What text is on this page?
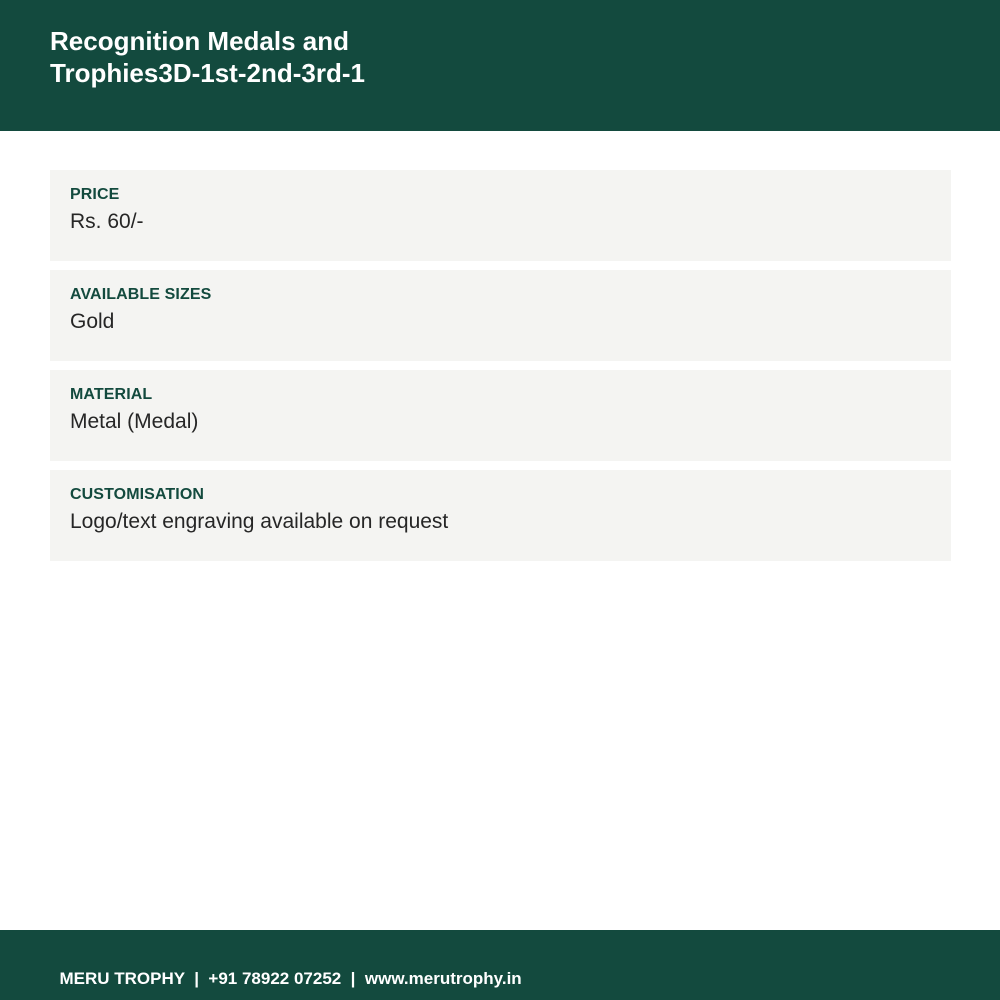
Recognition Medals and Trophies3D-1st-2nd-3rd-1
PRICE
Rs. 60/-
AVAILABLE SIZES
Gold
MATERIAL
Metal (Medal)
CUSTOMISATION
Logo/text engraving available on request

MERU TROPHY  |  +91 78922 07252  |  www.merutrophy.in
